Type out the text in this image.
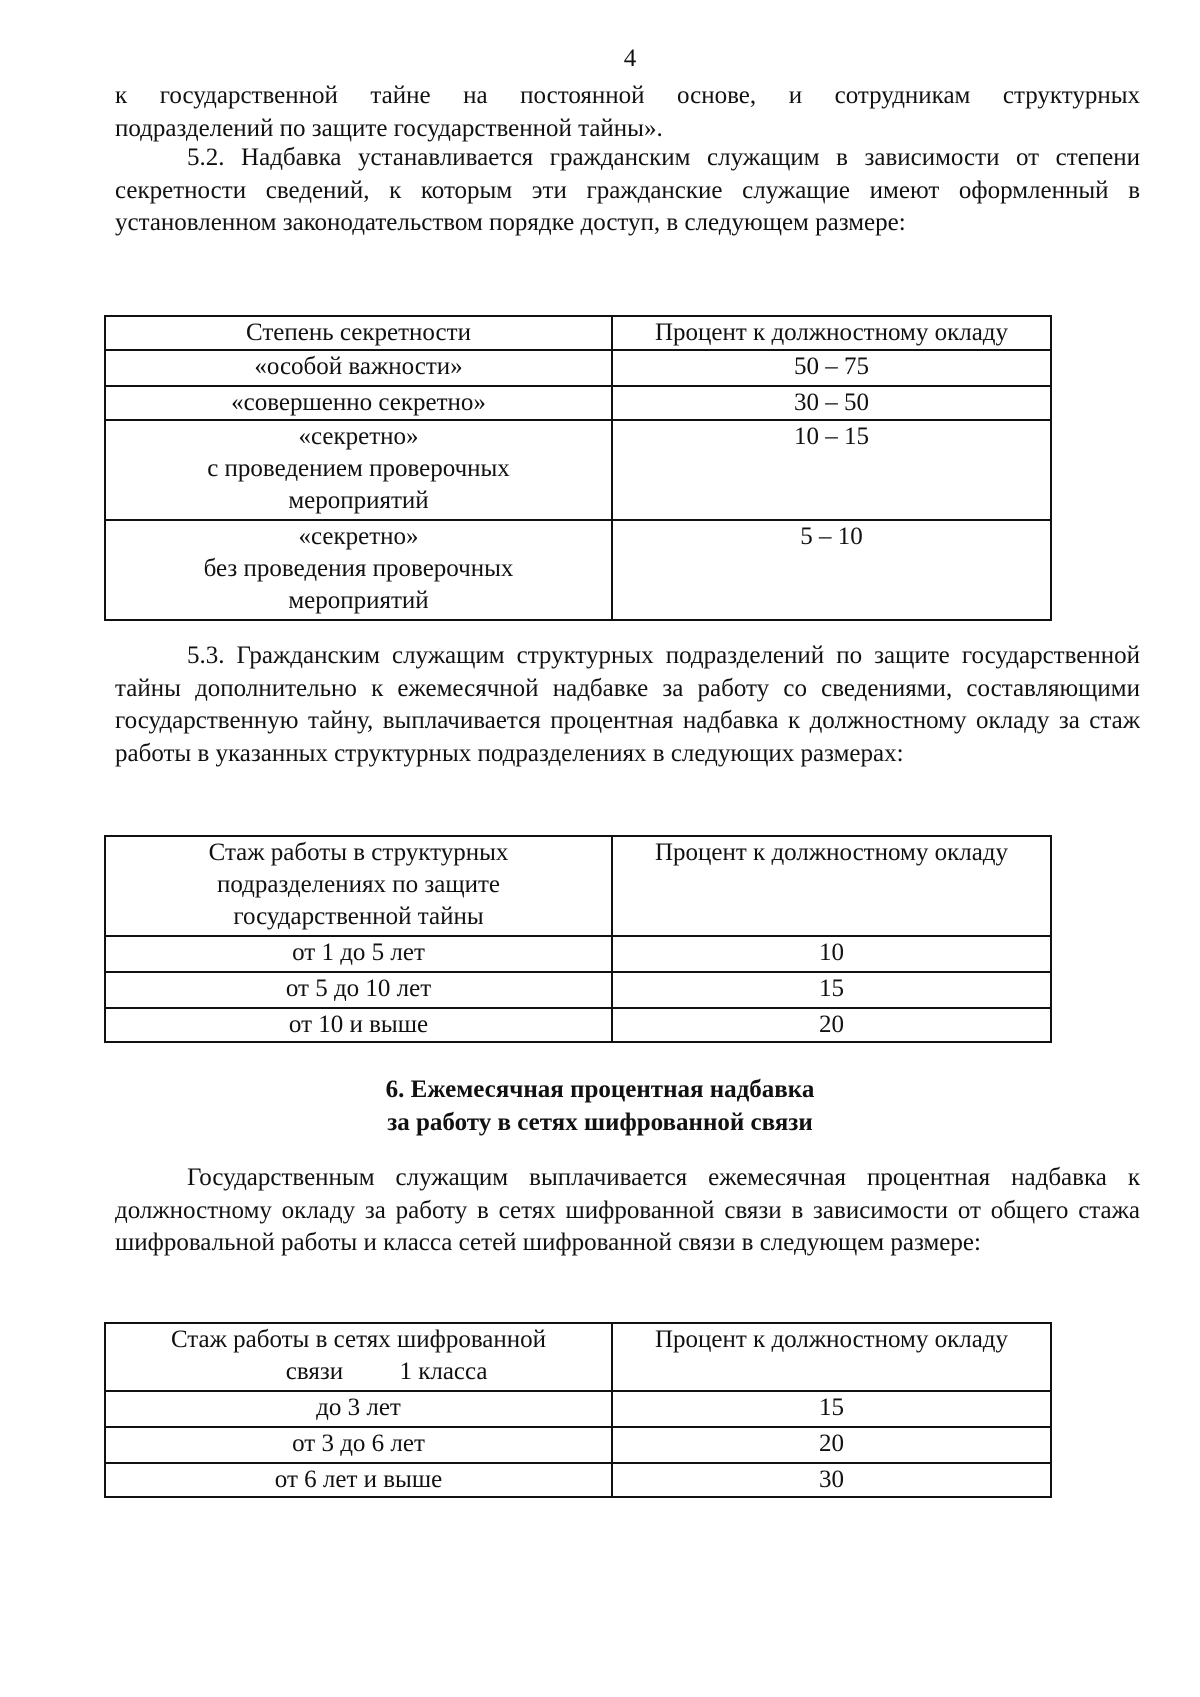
4
к государственной тайне на постоянной основе, и сотрудникам структурных
подразделений по защите государственной тайны».

5.2. Надбавка устанавливается гражданским служащим в зависимости от степени секретности сведений, к которым эти гражданские служащие имеют оформленный в установленном законодательством порядке доступ, в следующем размере:

Степень секретности	Процент к должностному окладу
«особой важности»	50 – 75
«совершенно секретно»	30 – 50

«секретно»
с проведением проверочных
мероприятий	10 – 15

«секретно»
без проведения проверочных
мероприятий	5 – 10

5.3. Гражданским служащим структурных подразделений по защите государственной тайны дополнительно к ежемесячной надбавке за работу со сведениями, составляющими государственную тайну, выплачивается процентная надбавка к должностному окладу за стаж работы в указанных структурных подразделениях в следующих размерах:

Стаж работы в структурных
подразделениях по защите
государственной тайны	Процент к должностному окладу
от 1 до 5 лет	10
от 5 до 10 лет	15
от 10 и выше	20
6. Ежемесячная процентная надбавка
за работу в сетях шифрованной связи

Государственным служащим выплачивается ежемесячная процентная надбавка к должностному окладу за работу в сетях шифрованной связи в зависимости от общего стажа шифровальной работы и класса сетей шифрованной связи в следующем размере:

Стаж работы в сетях шифрованной
связи 1 класса	Процент к должностному окладу
до 3 лет	15
от 3 до 6 лет	20
от 6 лет и выше	30
